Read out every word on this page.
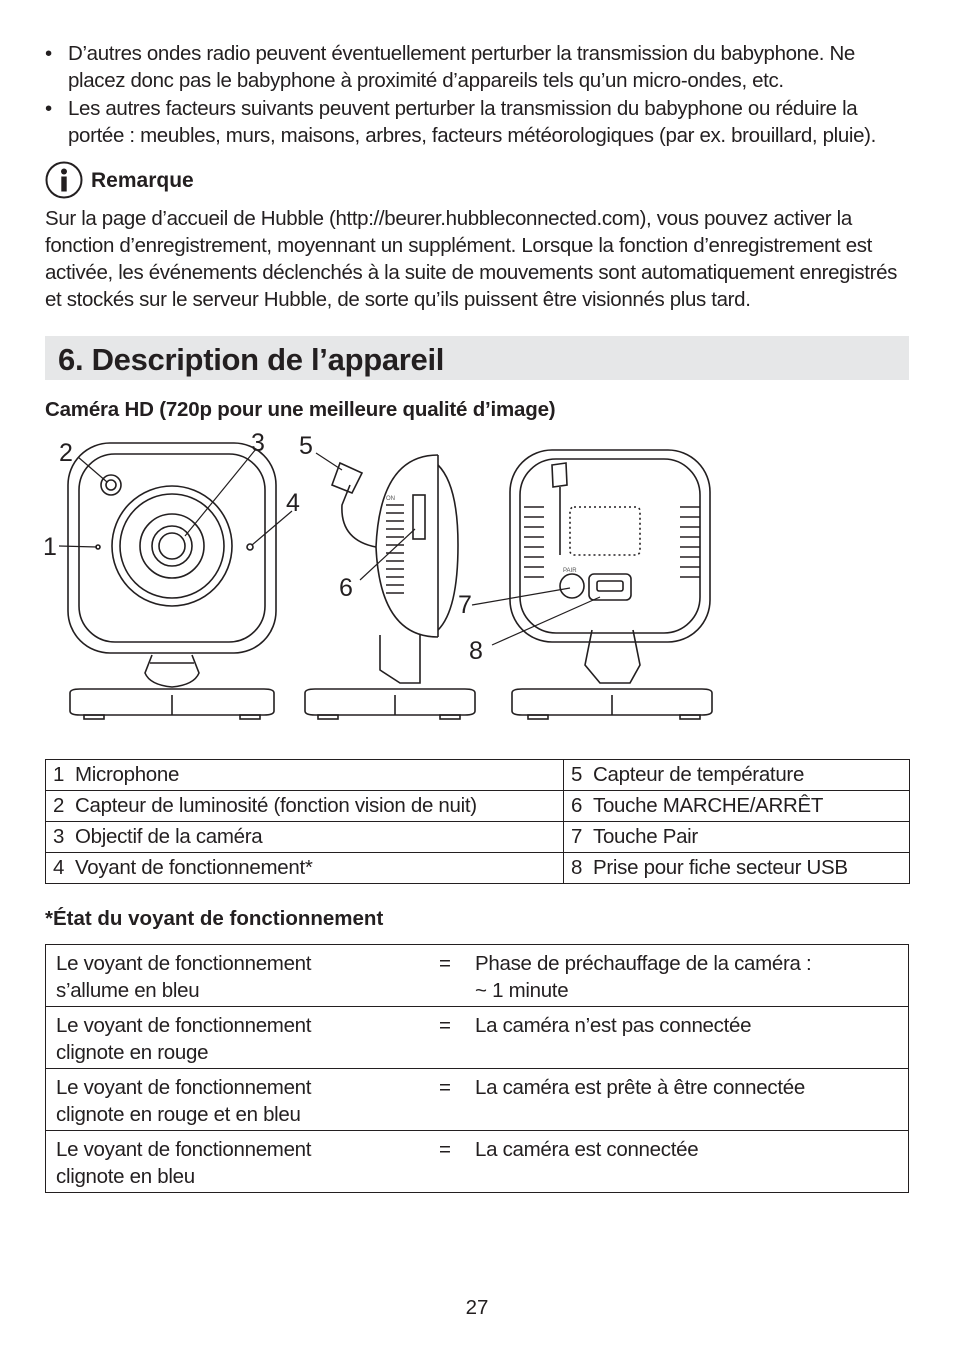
• D’autres ondes radio peuvent éventuellement perturber la transmission du babyphone. Ne placez donc pas le babyphone à proximité d’appareils tels qu’un micro-ondes, etc.
• Les autres facteurs suivants peuvent perturber la transmission du babyphone ou réduire la portée : meubles, murs, maisons, arbres, facteurs météorologiques (par ex. brouillard, pluie).
Remarque

Sur la page d’accueil de Hubble (http://beurer.hubbleconnected.com), vous pouvez activer la fonction d’enregistrement, moyennant un supplément. Lorsque la fonction d’enregistrement est activée, les événements déclenchés à la suite de mouvements sont automatiquement enregistrés et stockés sur le serveur Hubble, de sorte qu’ils puissent être visionnés plus tard.

6. Description de l’appareil
Caméra HD (720p pour une meilleure qualité d’image)
ON
PAIR
1
2	3
4
5
6
7
8
1 Microphone	5 Capteur de température
2 Capteur de luminosité (fonction vision de nuit)	6 Touche MARCHE/ARRÊT
3 Objectif de la caméra	7 Touche Pair
4 Voyant de fonctionnement*	8 Prise pour fiche secteur USB
*État du voyant de fonctionnement
Le voyant de fonctionnement
s’allume en bleu	=	Phase de préchauffage de la caméra :
~ 1 minute
Le voyant de fonctionnement
clignote en rouge	=	La caméra n’est pas connectée
Le voyant de fonctionnement
clignote en rouge et en bleu	=	La caméra est prête à être connectée
Le voyant de fonctionnement
clignote en bleu	=	La caméra est connectée
27
